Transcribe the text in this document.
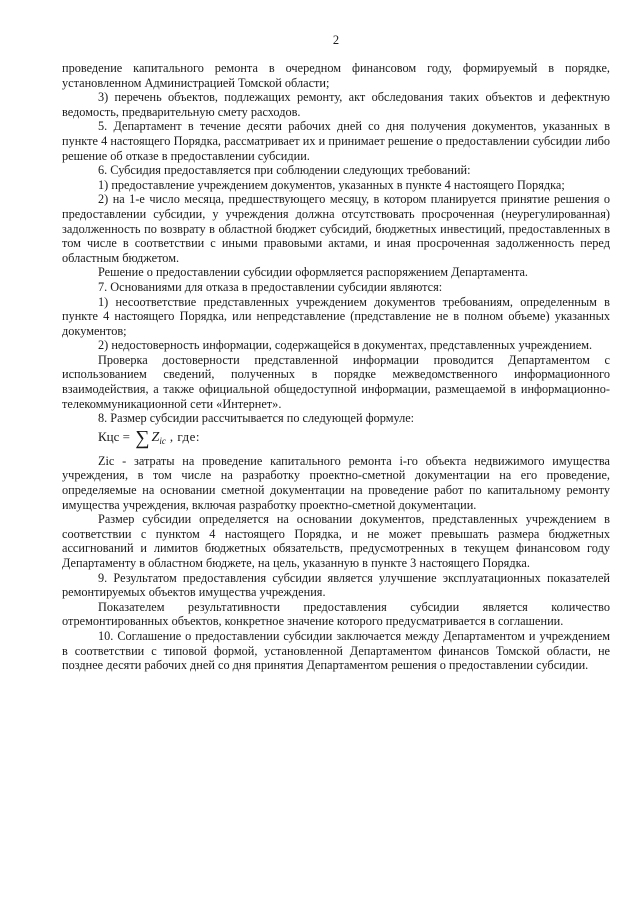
2

проведение капитального ремонта в очередном финансовом году, формируемый в порядке, установленном Администрацией Томской области;

3) перечень объектов, подлежащих ремонту, акт обследования таких объектов и дефектную ведомость, предварительную смету расходов.

5. Департамент в течение десяти рабочих дней со дня получения документов, указанных в пункте 4 настоящего Порядка, рассматривает их и принимает решение о предоставлении субсидии либо решение об отказе в предоставлении субсидии.

6. Субсидия предоставляется при соблюдении следующих требований:

1) предоставление учреждением документов, указанных в пункте 4 настоящего Порядка;

2) на 1-е число месяца, предшествующего месяцу, в котором планируется принятие решения о предоставлении субсидии, у учреждения должна отсутствовать просроченная (неурегулированная) задолженность по возврату в областной бюджет субсидий, бюджетных инвестиций, предоставленных в том числе в соответствии с иными правовыми актами, и иная просроченная задолженность перед областным бюджетом.

Решение о предоставлении субсидии оформляется распоряжением Департамента.

7. Основаниями для отказа в предоставлении субсидии являются:

1) несоответствие представленных учреждением документов требованиям, определенным в пункте 4 настоящего Порядка, или непредставление (представление не в полном объеме) указанных документов;

2) недостоверность информации, содержащейся в документах, представленных учреждением.

Проверка достоверности представленной информации проводится Департаментом с использованием сведений, полученных в порядке межведомственного информационного взаимодействия, а также официальной общедоступной информации, размещаемой в информационно-телекоммуникационной сети «Интернет».

8. Размер субсидии рассчитывается по следующей формуле:

Кцс = ∑ $Z_{ic}$ , где:

Zic - затраты на проведение капитального ремонта i-го объекта недвижимого имущества учреждения, в том числе на разработку проектно-сметной документации на его проведение, определяемые на основании сметной документации на проведение работ по капитальному ремонту имущества учреждения, включая разработку проектно-сметной документации.

Размер субсидии определяется на основании документов, представленных учреждением в соответствии с пунктом 4 настоящего Порядка, и не может превышать размера бюджетных ассигнований и лимитов бюджетных обязательств, предусмотренных в текущем финансовом году Департаменту в областном бюджете, на цель, указанную в пункте 3 настоящего Порядка.

9. Результатом предоставления субсидии является улучшение эксплуатационных показателей ремонтируемых объектов имущества учреждения.

Показателем результативности предоставления субсидии является количество отремонтированных объектов, конкретное значение которого предусматривается в соглашении.

10. Соглашение о предоставлении субсидии заключается между Департаментом и учреждением в соответствии с типовой формой, установленной Департаментом финансов Томской области, не позднее десяти рабочих дней со дня принятия Департаментом решения о предоставлении субсидии.
